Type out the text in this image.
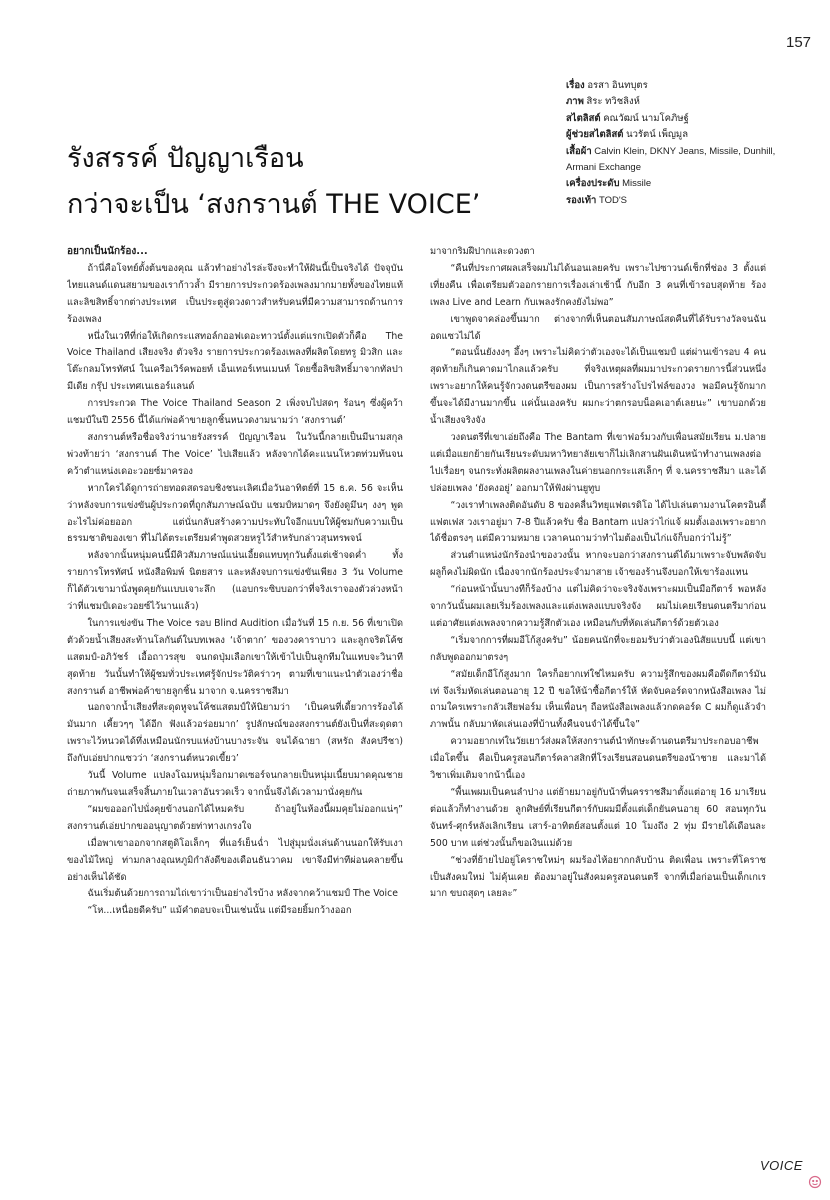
157
เรื่อง อรสา อินทบุตร
ภาพ สิระ ทวิชลิงห์
สไตลิสต์ คณวัฒน์ นามโคภิษฐ์
ผู้ช่วยสไตลิสต์ นวรัตน์ เพ็ญมูล
เสื้อผ้า Calvin Klein, DKNY Jeans, Missile, Dunhill,
Armani Exchange
เครื่องประดับ Missile
รองเท้า TOD'S
รังสรรค์ ปัญญาเรือน
กว่าจะเป็น ‘สงกรานต์ THE VOICE’

อยากเป็นนักร้อง...

ถ้านี่คือโจทย์ตั้งต้นของคุณ แล้วทำอย่างไรล่ะจึงจะทำให้ฝันนี้เป็นจริงได้ ปัจจุบันไทยแลนด์แดนสยามของเราก้าวล้ำ มีรายการประกวดร้องเพลงมากมายทั้งของไทยแท้และลิขสิทธิ์จากต่างประเทศ เป็นประตูสู่ดวงดาวสำหรับคนที่มีความสามารถด้านการร้องเพลง

หนึ่งในเวทีที่ก่อให้เกิดกระแสทอล์กออฟเดอะทาวน์ตั้งแต่แรกเปิดตัวก็คือ The Voice Thailand เสียงจริง ตัวจริง รายการประกวดร้องเพลงที่ผลิตโดยทรู มิวสิก และโต๊ะกลมโทรทัศน์ ในเครือเวิร์คพอยท์ เอ็นเทอร์เทนเมนท์ โดยซื้อลิขสิทธิ์มาจากทัลปา มีเดีย กรุ๊ป ประเทศเนเธอร์แลนด์

การประกวด The Voice Thailand Season 2 เพิ่งจบไปสดๆ ร้อนๆ ซึ่งผู้คว้าแชมป์ในปี 2556 นี้ได้แก่พ่อค้าขายลูกชิ้นหนวดงามนามว่า ‘สงกรานต์’

สงกรานต์หรือชื่อจริงว่านายรังสรรค์ ปัญญาเรือน ในวันนี้กลายเป็นมีนามสกุลพ่วงท้ายว่า ‘สงกรานต์ The Voice’ ไปเสียแล้ว หลังจากได้คะแนนโหวตท่วมท้นจนคว้าตำแหน่งเดอะวอยซ์มาครอง

หากใครได้ดูการถ่ายทอดสดรอบชิงชนะเลิศเมื่อวันอาทิตย์ที่ 15 ธ.ค. 56 จะเห็นว่าหลังจบการแข่งขันผู้ประกวดที่ถูกสัมภาษณ์ฉบับ แชมป์หมาดๆ จึงยังดูมึนๆ งงๆ พูดอะไรไม่ค่อยออก แต่นั่นกลับสร้างความประทับใจอีกแบบให้ผู้ชมกับความเป็นธรรมชาติของเขา ที่ไม่ได้ตระเตรียมคำพูดสวยหรูไว้สำหรับกล่าวสุนทรพจน์

หลังจากนั้นหนุ่มคนนี้มีคิวสัมภาษณ์แน่นเอี้ยดแทบทุกวันตั้งแต่เช้าจดค่ำ ทั้งรายการโทรทัศน์ หนังสือพิมพ์ นิตยสาร และหลังจบการแข่งขันเพียง 3 วัน Volume ก็ได้ตัวเขามานั่งพูดคุยกันแบบเจาะลึก (แอบกระซิบบอกว่าที่จริงเราจองตัวล่วงหน้าว่าที่แชมป์เดอะวอยซ์ไว้นานแล้ว)

ในการแข่งขัน The Voice รอบ Blind Audition เมื่อวันที่ 15 ก.ย. 56 ที่เขาเปิดตัวด้วยน้ำเสียงสะท้านโลกันต์ในบทเพลง ‘เจ้าตาก’ ของวงคาราบาว และลูกจริตโค้ชแสตมป์-อภิวัชร์ เอื้อถาวรสุข จนกดปุ่มเลือกเขาให้เข้าไปเป็นลูกทีมในแทบจะวินาทีสุดท้าย วันนั้นทำให้ผู้ชมทั่วประเทศรู้จักประวัติคร่าวๆ ตามที่เขาแนะนำตัวเองว่าชื่อสงกรานต์ อาชีพพ่อค้าขายลูกชิ้น มาจาก จ.นครราชสีมา

นอกจากน้ำเสียงที่สะดุดหูจนโค้ชแสตมป์ให้นิยามว่า ‘เป็นคนที่เดี้ยวการร้องได้มันมาก เคี้ยวๆๆ ได้อีก ฟังแล้วอร่อยมาก’ รูปลักษณ์ของสงกรานต์ยังเป็นที่สะดุดตาเพราะไว้หนวดได้ทึ่งเหมือนนักรบแห่งบ้านบางระจัน จนได้ฉายา (สหรัถ สังคปรีชา) ถึงกับเอ่ยปากแซวว่า ‘สงกรานต์หนวดเขี้ยว’

วันนี้ Volume แปลงโฉมหนุ่มร็อกมาดเซอร์จนกลายเป็นหนุ่มเนี้ยบมาดคุณชาย ถ่ายภาพกันจนเสร็จสิ้นภายในเวลาอันรวดเร็ว จากนั้นจึงได้เวลามานั่งคุยกัน

“ผมขอออกไปนั่งคุยข้างนอกได้ไหมครับ ถ้าอยู่ในห้องนี้ผมคุยไม่ออกแน่ๆ” สงกรานต์เอ่ยปากขออนุญาตด้วยท่าทางเกรงใจ

เมื่อพาเขาออกจากสตูดิโอเล็กๆ ที่แอร์เย็นฉ่ำ ไปสู่มุมนั่งเล่นด้านนอกให้รับเงาของไม้ใหญ่ ท่ามกลางอุณหภูมิกำลังดีของเดือนธันวาคม เขาจึงมีท่าทีผ่อนคลายขึ้นอย่างเห็นได้ชัด

ฉันเริ่มต้นด้วยการถามไถ่เขาว่าเป็นอย่างไรบ้าง หลังจากคว้าแชมป์ The Voice

“โห...เหนื่อยดีครับ” แม้คำตอบจะเป็นเช่นนั้น แต่มีรอยยิ้มกว้างออก

มาจากริมฝีปากและดวงตา

“คืนที่ประกาศผลเสร็จผมไม่ได้นอนเลยครับ เพราะไปซาวนด์เช็กที่ช่อง 3 ตั้งแต่เที่ยงคืน เพื่อเตรียมตัวออกรายการเรื่องเล่าเช้านี้ กับอีก 3 คนที่เข้ารอบสุดท้าย ร้องเพลง Live and Learn กับเพลงรักคงยังไม่พอ”

เขาพูดจาคล่องขึ้นมาก ต่างจากที่เห็นตอนสัมภาษณ์สดคืนที่ได้รับรางวัลจนฉันอดแซวไม่ได้

“ตอนนั้นยังงงๆ อึ้งๆ เพราะไม่คิดว่าตัวเองจะได้เป็นแชมป์ แต่ผ่านเข้ารอบ 4 คนสุดท้ายก็เกินคาดมาไกลแล้วครับ ที่จริงเหตุผลที่ผมมาประกวดรายการนี้ส่วนหนึ่งเพราะอยากให้คนรู้จักวงดนตรีของผม เป็นการสร้างโปรไฟล์ของวง พอมีคนรู้จักมากขึ้นจะได้มีงานมากขึ้น แค่นั้นเองครับ ผมกะว่าตกรอบน็อคเอาต์เลยนะ” เขาบอกด้วยน้ำเสียงจริงจัง

วงดนตรีที่เขาเอ่ยถึงคือ The Bantam ที่เขาฟอร์มวงกับเพื่อนสมัยเรียน ม.ปลาย แต่เมื่อแยกย้ายกันเรียนระดับมหาวิทยาลัยเขาก็ไม่เลิกสานฝันเดินหน้าทำงานเพลงต่อไปเรื่อยๆ จนกระทั่งผลิตผลงานเพลงในค่ายนอกกระแสเล็กๆ ที่ จ.นครราชสีมา และได้ปล่อยเพลง ‘ยังคงอยู่’ ออกมาให้ฟังผ่านยูทูบ

“วงเราทำเพลงติดอันดับ 8 ของคลื่นวิทยุแฟตเรดิโอ ได้ไปเล่นตามงานโคตรอินดี้ แฟตเฟส วงเราอยู่มา 7-8 ปีแล้วครับ ชื่อ Bantam แปลว่าไก่แจ้ ผมตั้งเองเพราะอยากได้ชื่อตรงๆ แต่มีความหมาย เวลาคนถามว่าทำไมต้องเป็นไก่แจ้ก็บอกว่าไม่รู้”

ส่วนตำแหน่งนักร้องนำของวงนั้น หากจะบอกว่าสงกรานต์ได้มาเพราะจับพลัดจับผลูก็คงไม่ผิดนัก เนื่องจากนักร้องประจำมาสาย เจ้าของร้านจึงบอกให้เขาร้องแทน

“ก่อนหน้านั้นบางทีก็ร้องบ้าง แต่ไม่คิดว่าจะจริงจังเพราะผมเป็นมือกีตาร์ พอหลังจากวันนั้นผมเลยเริ่มร้องเพลงและแต่งเพลงแบบจริงจัง ผมไม่เคยเรียนดนตรีมาก่อน แต่อาศัยแต่งเพลงจากความรู้สึกตัวเอง เหมือนกับที่หัดเล่นกีตาร์ด้วยตัวเอง

“เริ่มจากการที่ผมอีโก้สูงครับ” น้อยคนนักที่จะยอมรับว่าตัวเองนิสัยแบบนี้ แต่เขากลับพูดออกมาตรงๆ

“สมัยเด็กอีโก้สูงมาก ใครก็อยากเท่ใช่ไหมครับ ความรู้สึกของผมคือดีดกีตาร์มันเท่ จึงเริ่มหัดเล่นตอนอายุ 12 ปี ขอให้น้าซื้อกีตาร์ให้ หัดจับคอร์ดจากหนังสือเพลง ไม่ถามใครเพราะกลัวเสียฟอร์ม เห็นเพื่อนๆ ถือหนังสือเพลงแล้วกดคอร์ด C ผมก็ดูแล้วจำภาพนั้น กลับมาหัดเล่นเองที่บ้านทั้งคืนจนจำได้ขึ้นใจ”

ความอยากเท่ในวัยเยาว์ส่งผลให้สงกรานต์นำทักษะด้านดนตรีมาประกอบอาชีพเมื่อโตขึ้น คือเป็นครูสอนกีตาร์คลาสสิกที่โรงเรียนสอนดนตรีของน้าชาย และมาได้วิชาเพิ่มเติมจากน้านี้เอง

“พื้นเพผมเป็นคนลำปาง แต่ย้ายมาอยู่กับน้าที่นครราชสีมาตั้งแต่อายุ 16 มาเรียนต่อแล้วก็ทำงานด้วย ลูกศิษย์ที่เรียนกีตาร์กับผมมีตั้งแต่เด็กยันคนอายุ 60 สอนทุกวันจันทร์-ศุกร์หลังเลิกเรียน เสาร์-อาทิตย์สอนตั้งแต่ 10 โมงถึง 2 ทุ่ม มีรายได้เดือนละ 500 บาท แต่ช่วงนั้นก็ขอเงินแม่ด้วย

“ช่วงที่ย้ายไปอยู่โคราชใหม่ๆ ผมร้องไห้อยากกลับบ้าน ติดเพื่อน เพราะที่โคราชเป็นสังคมใหม่ ไม่คุ้นเคย ต้องมาอยู่ในสังคมครูสอนดนตรี จากที่เมื่อก่อนเป็นเด็กเกเรมาก ขบถสุดๆ เลยละ”

VOICE
